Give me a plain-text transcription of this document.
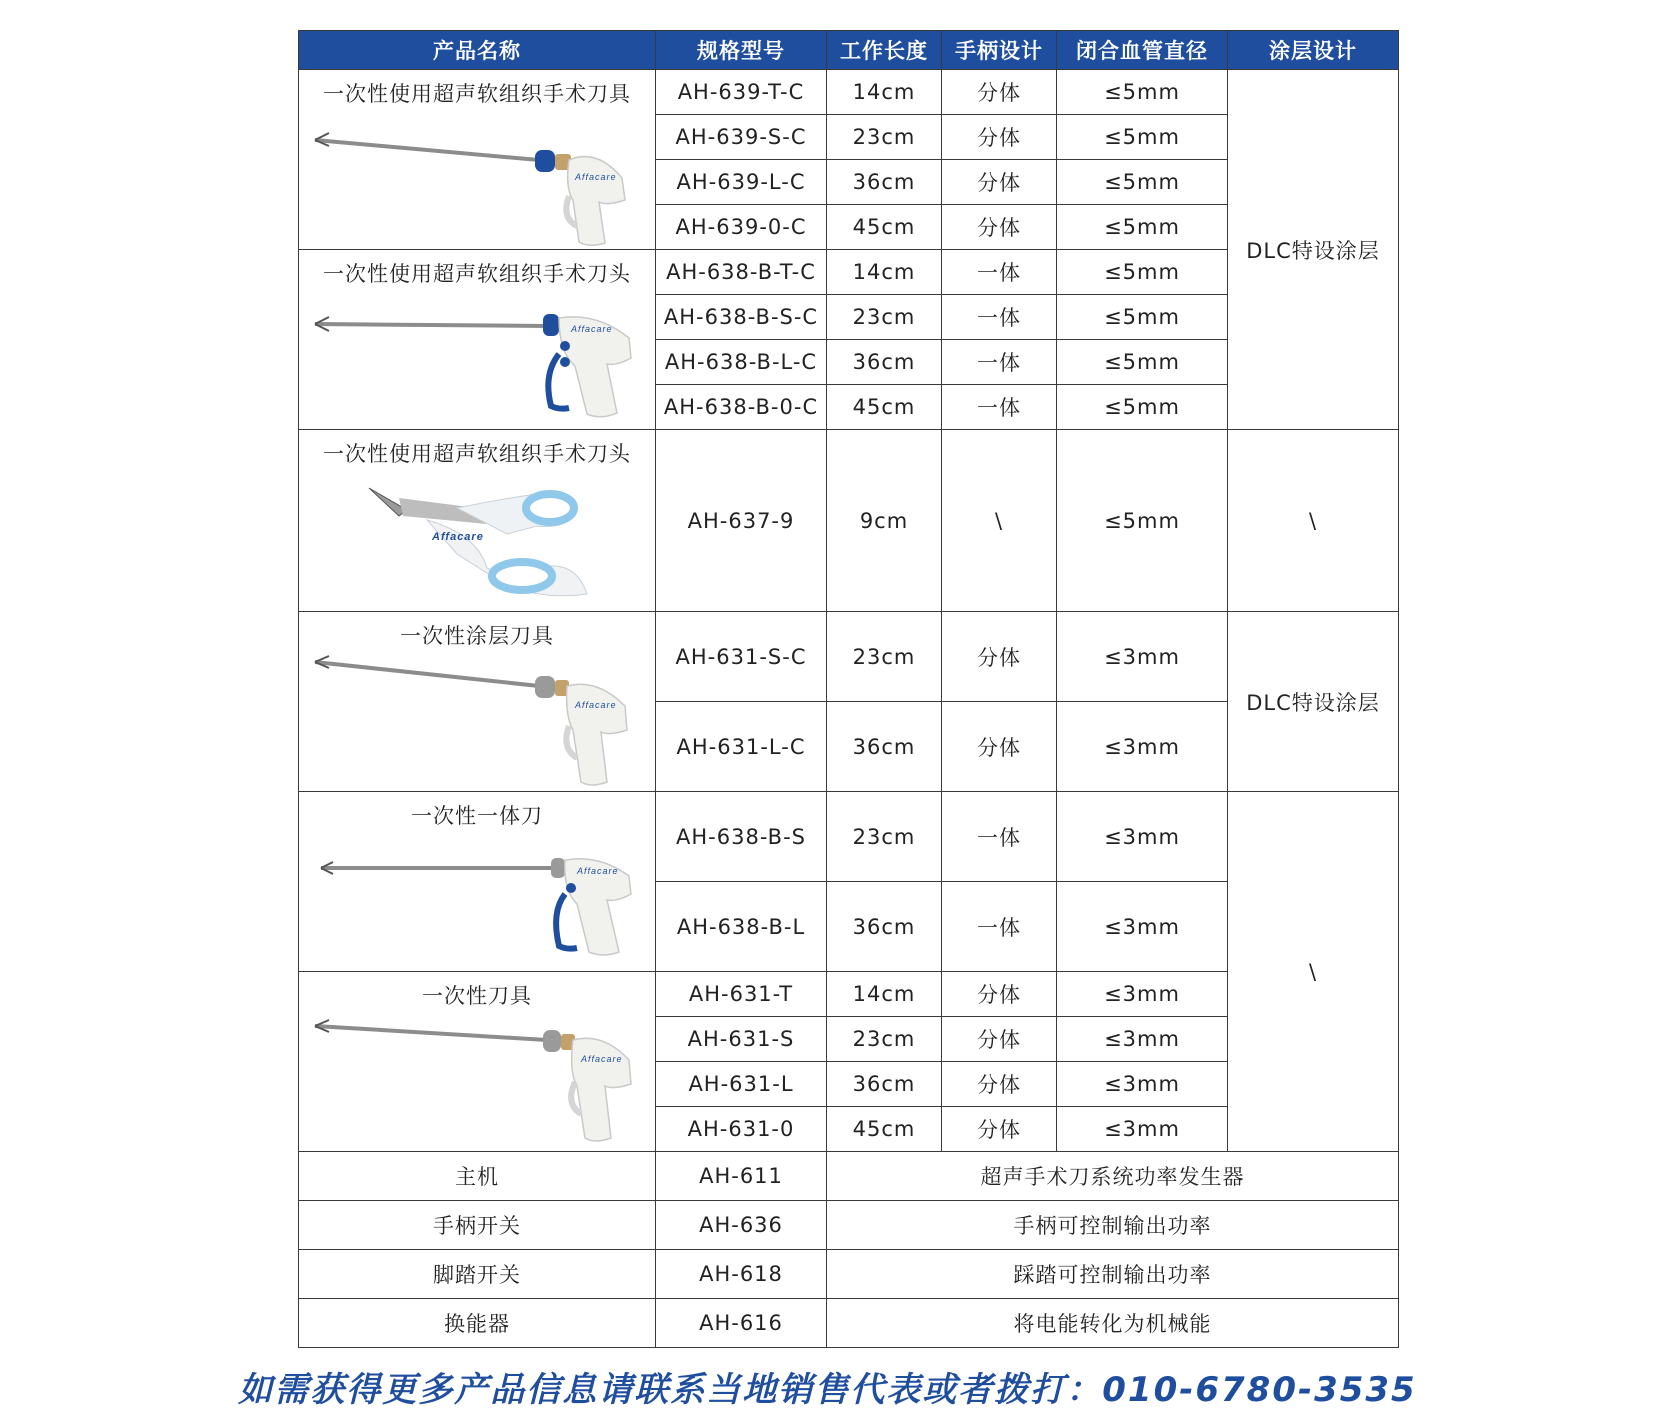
产品名称	规格型号	工作长度	手柄设计	闭合血管直径	涂层设计

一次性使用超声软组织手术刀具
Affacare	AH-639-T-C	14cm	分体	≤5mm	DLC特设涂层
	AH-639-S-C	23cm	分体	≤5mm	
	AH-639-L-C	36cm	分体	≤5mm	
	AH-639-0-C	45cm	分体	≤5mm	

一次性使用超声软组织手术刀头
Affacare	AH-638-B-T-C	14cm	一体	≤5mm	
	AH-638-B-S-C	23cm	一体	≤5mm	
	AH-638-B-L-C	36cm	一体	≤5mm	
	AH-638-B-0-C	45cm	一体	≤5mm	

一次性使用超声软组织手术刀头
Affacare	AH-637-9	9cm	\	≤5mm	\

一次性涂层刀具
Affacare	AH-631-S-C	23cm	分体	≤3mm	DLC特设涂层
	AH-631-L-C	36cm	分体	≤3mm	

一次性一体刀
Affacare	AH-638-B-S	23cm	一体	≤3mm	\
	AH-638-B-L	36cm	一体	≤3mm	

一次性刀具
Affacare	AH-631-T	14cm	分体	≤3mm	
	AH-631-S	23cm	分体	≤3mm	
	AH-631-L	36cm	分体	≤3mm	
	AH-631-0	45cm	分体	≤3mm	
主机	AH-611	超声手术刀系统功率发生器			
手柄开关	AH-636	手柄可控制输出功率			
脚踏开关	AH-618	踩踏可控制输出功率			
换能器	AH-616	将电能转化为机械能			
如需获得更多产品信息请联系当地销售代表或者拨打：010-6780-3535
